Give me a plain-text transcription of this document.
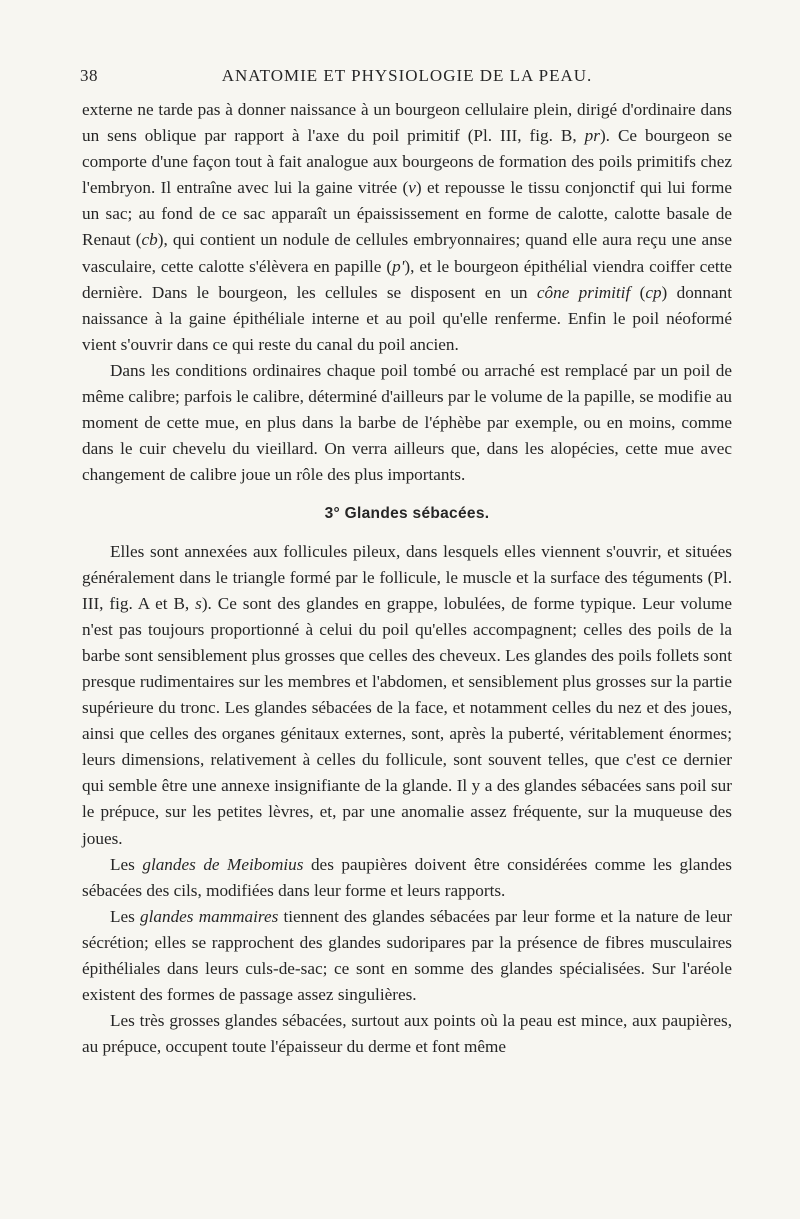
38	ANATOMIE ET PHYSIOLOGIE DE LA PEAU.

externe ne tarde pas à donner naissance à un bourgeon cellulaire plein, dirigé d'ordinaire dans un sens oblique par rapport à l'axe du poil primitif (Pl. III, fig. B, pr). Ce bourgeon se comporte d'une façon tout à fait analogue aux bourgeons de formation des poils primitifs chez l'embryon. Il entraîne avec lui la gaine vitrée (v) et repousse le tissu conjonctif qui lui forme un sac; au fond de ce sac apparaît un épaississement en forme de calotte, calotte basale de Renaut (cb), qui contient un nodule de cellules embryonnaires; quand elle aura reçu une anse vasculaire, cette calotte s'élèvera en papille (p'), et le bourgeon épithélial viendra coiffer cette dernière. Dans le bourgeon, les cellules se disposent en un cône primitif (cp) donnant naissance à la gaine épithéliale interne et au poil qu'elle renferme. Enfin le poil néoformé vient s'ouvrir dans ce qui reste du canal du poil ancien.

Dans les conditions ordinaires chaque poil tombé ou arraché est remplacé par un poil de même calibre; parfois le calibre, déterminé d'ailleurs par le volume de la papille, se modifie au moment de cette mue, en plus dans la barbe de l'éphèbe par exemple, ou en moins, comme dans le cuir chevelu du vieillard. On verra ailleurs que, dans les alopécies, cette mue avec changement de calibre joue un rôle des plus importants.

3° Glandes sébacées.

Elles sont annexées aux follicules pileux, dans lesquels elles viennent s'ouvrir, et situées généralement dans le triangle formé par le follicule, le muscle et la surface des téguments (Pl. III, fig. A et B, s). Ce sont des glandes en grappe, lobulées, de forme typique. Leur volume n'est pas toujours proportionné à celui du poil qu'elles accompagnent; celles des poils de la barbe sont sensiblement plus grosses que celles des cheveux. Les glandes des poils follets sont presque rudimentaires sur les membres et l'abdomen, et sensiblement plus grosses sur la partie supérieure du tronc. Les glandes sébacées de la face, et notamment celles du nez et des joues, ainsi que celles des organes génitaux externes, sont, après la puberté, véritablement énormes; leurs dimensions, relativement à celles du follicule, sont souvent telles, que c'est ce dernier qui semble être une annexe insignifiante de la glande. Il y a des glandes sébacées sans poil sur le prépuce, sur les petites lèvres, et, par une anomalie assez fréquente, sur la muqueuse des joues.

Les glandes de Meibomius des paupières doivent être considérées comme les glandes sébacées des cils, modifiées dans leur forme et leurs rapports.

Les glandes mammaires tiennent des glandes sébacées par leur forme et la nature de leur sécrétion; elles se rapprochent des glandes sudoripares par la présence de fibres musculaires épithéliales dans leurs culs-de-sac; ce sont en somme des glandes spécialisées. Sur l'aréole existent des formes de passage assez singulières.

Les très grosses glandes sébacées, surtout aux points où la peau est mince, aux paupières, au prépuce, occupent toute l'épaisseur du derme et font même
